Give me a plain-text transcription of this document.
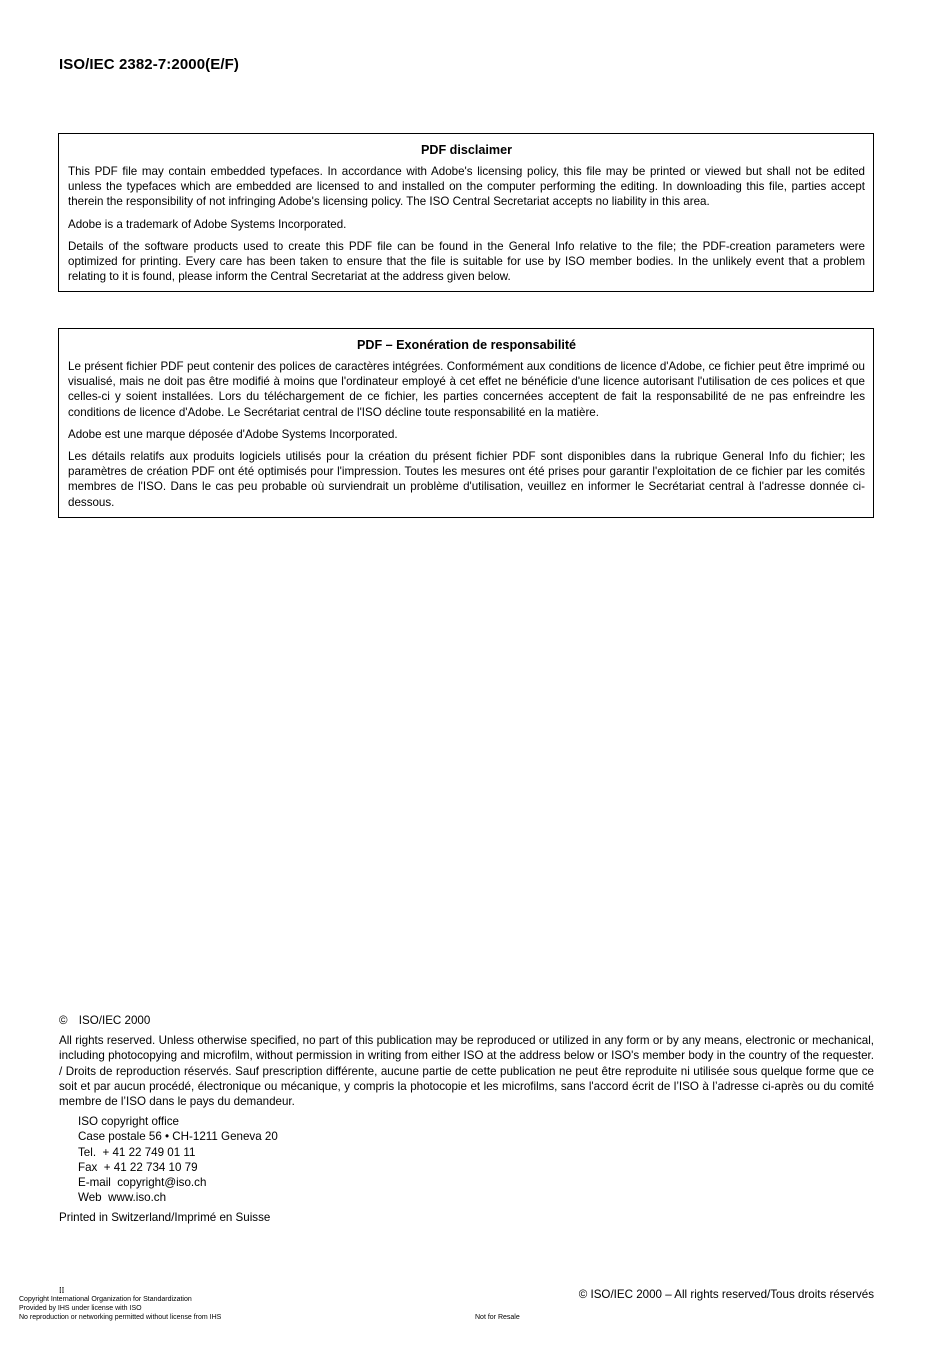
ISO/IEC 2382-7:2000(E/F)
PDF disclaimer

This PDF file may contain embedded typefaces. In accordance with Adobe's licensing policy, this file may be printed or viewed but shall not be edited unless the typefaces which are embedded are licensed to and installed on the computer performing the editing. In downloading this file, parties accept therein the responsibility of not infringing Adobe's licensing policy. The ISO Central Secretariat accepts no liability in this area.

Adobe is a trademark of Adobe Systems Incorporated.

Details of the software products used to create this PDF file can be found in the General Info relative to the file; the PDF-creation parameters were optimized for printing. Every care has been taken to ensure that the file is suitable for use by ISO member bodies. In the unlikely event that a problem relating to it is found, please inform the Central Secretariat at the address given below.

PDF – Exonération de responsabilité

Le présent fichier PDF peut contenir des polices de caractères intégrées. Conformément aux conditions de licence d'Adobe, ce fichier peut être imprimé ou visualisé, mais ne doit pas être modifié à moins que l'ordinateur employé à cet effet ne bénéficie d'une licence autorisant l'utilisation de ces polices et que celles-ci y soient installées. Lors du téléchargement de ce fichier, les parties concernées acceptent de fait la responsabilité de ne pas enfreindre les conditions de licence d'Adobe. Le Secrétariat central de l'ISO décline toute responsabilité en la matière.

Adobe est une marque déposée d'Adobe Systems Incorporated.

Les détails relatifs aux produits logiciels utilisés pour la création du présent fichier PDF sont disponibles dans la rubrique General Info du fichier; les paramètres de création PDF ont été optimisés pour l'impression. Toutes les mesures ont été prises pour garantir l'exploitation de ce fichier par les comités membres de l'ISO. Dans le cas peu probable où surviendrait un problème d'utilisation, veuillez en informer le Secrétariat central à l'adresse donnée ci-dessous.

© ISO/IEC 2000

All rights reserved. Unless otherwise specified, no part of this publication may be reproduced or utilized in any form or by any means, electronic or mechanical, including photocopying and microfilm, without permission in writing from either ISO at the address below or ISO's member body in the country of the requester. / Droits de reproduction réservés. Sauf prescription différente, aucune partie de cette publication ne peut être reproduite ni utilisée sous quelque forme que ce soit et par aucun procédé, électronique ou mécanique, y compris la photocopie et les microfilms, sans l'accord écrit de l’ISO à l’adresse ci-après ou du comité membre de l’ISO dans le pays du demandeur.

ISO copyright office
Case postale 56 • CH-1211 Geneva 20
Tel.  + 41 22 749 01 11
Fax  + 41 22 734 10 79
E-mail  copyright@iso.ch
Web  www.iso.ch

Printed in Switzerland/Imprimé en Suisse

⁞⁞
Copyright International Organization for Standardization
Provided by IHS under license with ISO
No reproduction or networking permitted without license from IHS	Not for Resale
© ISO/IEC 2000 – All rights reserved/Tous droits réservés
